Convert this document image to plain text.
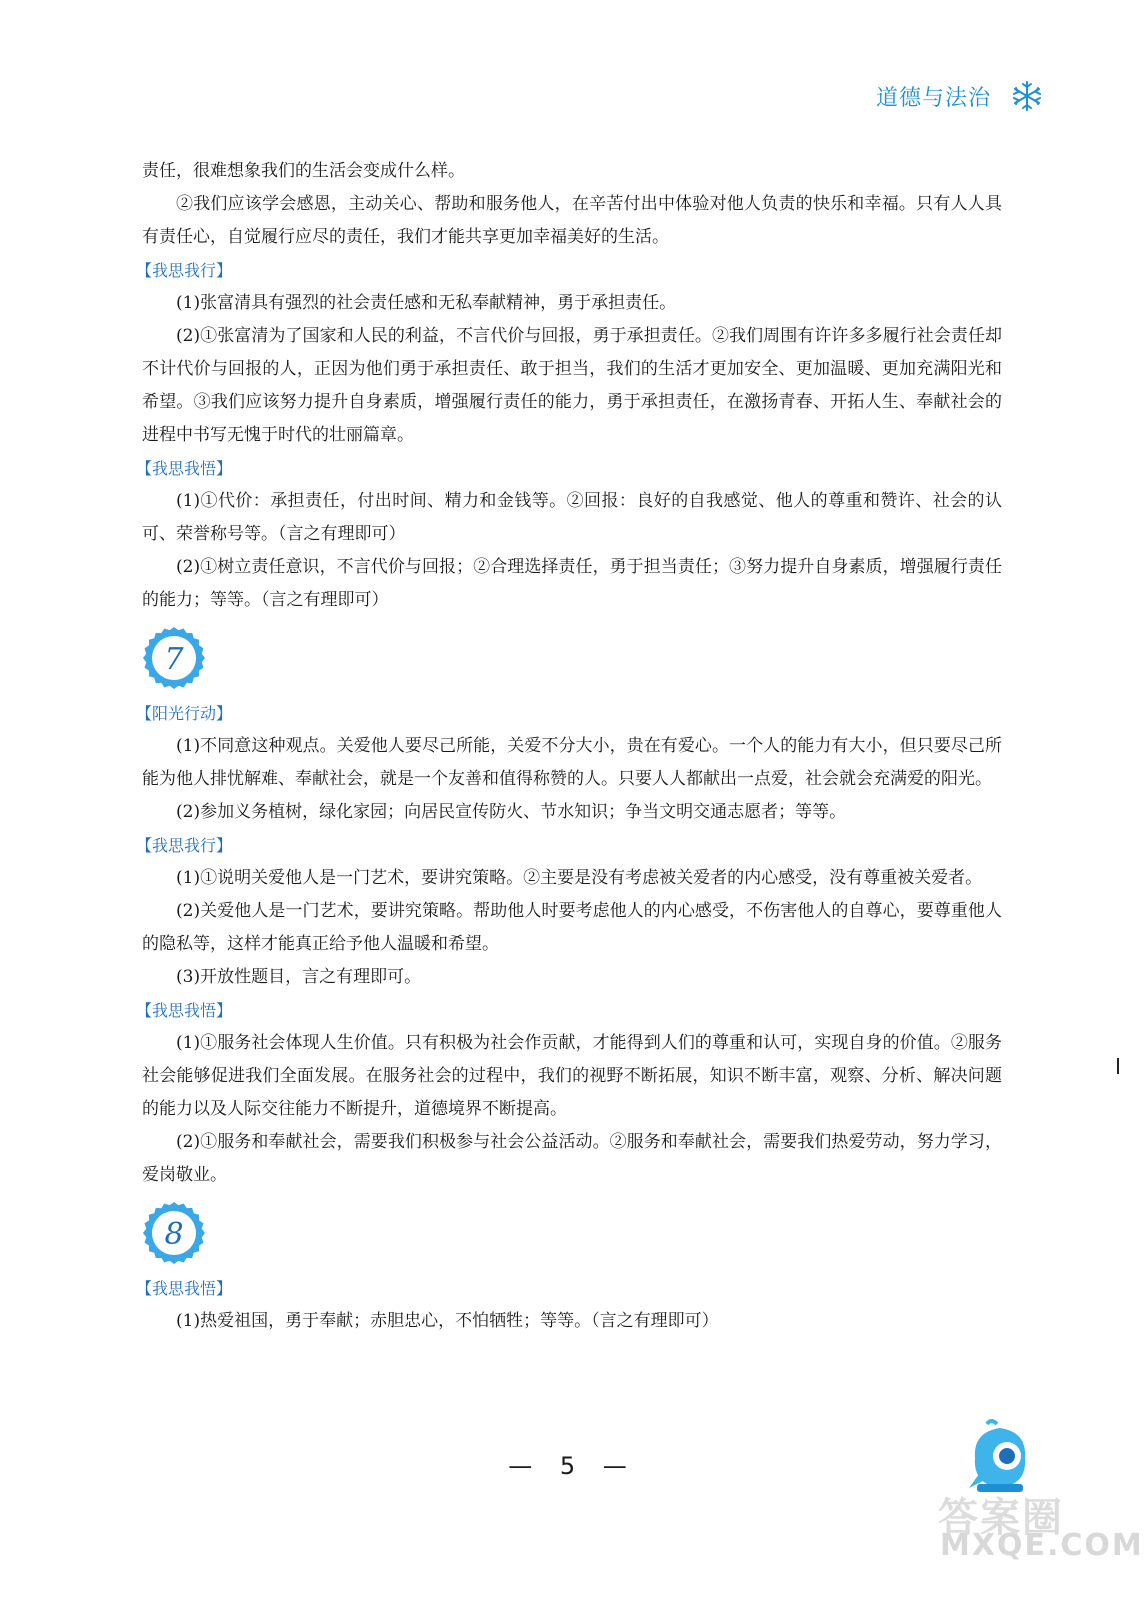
道德与法治

责任，很难想象我们的生活会变成什么样。

②我们应该学会感恩，主动关心、帮助和服务他人，在辛苦付出中体验对他人负责的快乐和幸福。只有人人具有责任心，自觉履行应尽的责任，我们才能共享更加幸福美好的生活。

【我思我行】

(1)张富清具有强烈的社会责任感和无私奉献精神，勇于承担责任。

(2)①张富清为了国家和人民的利益，不言代价与回报，勇于承担责任。②我们周围有许许多多履行社会责任却不计代价与回报的人，正因为他们勇于承担责任、敢于担当，我们的生活才更加安全、更加温暖、更加充满阳光和希望。③我们应该努力提升自身素质，增强履行责任的能力，勇于承担责任，在激扬青春、开拓人生、奉献社会的进程中书写无愧于时代的壮丽篇章。

【我思我悟】

(1)①代价：承担责任，付出时间、精力和金钱等。②回报：良好的自我感觉、他人的尊重和赞许、社会的认可、荣誉称号等。（言之有理即可）

(2)①树立责任意识，不言代价与回报；②合理选择责任，勇于担当责任；③努力提升自身素质，增强履行责任的能力；等等。（言之有理即可）

7
【阳光行动】

(1)不同意这种观点。关爱他人要尽己所能，关爱不分大小，贵在有爱心。一个人的能力有大小，但只要尽己所能为他人排忧解难、奉献社会，就是一个友善和值得称赞的人。只要人人都献出一点爱，社会就会充满爱的阳光。

(2)参加义务植树，绿化家园；向居民宣传防火、节水知识；争当文明交通志愿者；等等。

【我思我行】

(1)①说明关爱他人是一门艺术，要讲究策略。②主要是没有考虑被关爱者的内心感受，没有尊重被关爱者。

(2)关爱他人是一门艺术，要讲究策略。帮助他人时要考虑他人的内心感受，不伤害他人的自尊心，要尊重他人的隐私等，这样才能真正给予他人温暖和希望。

(3)开放性题目，言之有理即可。

【我思我悟】

(1)①服务社会体现人生价值。只有积极为社会作贡献，才能得到人们的尊重和认可，实现自身的价值。②服务社会能够促进我们全面发展。在服务社会的过程中，我们的视野不断拓展，知识不断丰富，观察、分析、解决问题的能力以及人际交往能力不断提升，道德境界不断提高。

(2)①服务和奉献社会，需要我们积极参与社会公益活动。②服务和奉献社会，需要我们热爱劳动，努力学习，爱岗敬业。

8
【我思我悟】

(1)热爱祖国，勇于奉献；赤胆忠心，不怕牺牲；等等。（言之有理即可）

— 5 —
答案圈
MXQE.COM
